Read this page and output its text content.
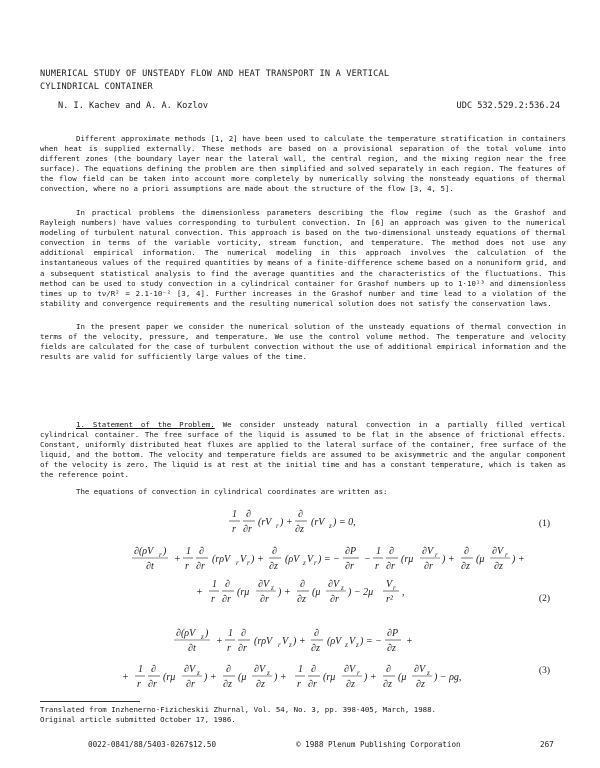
NUMERICAL STUDY OF UNSTEADY FLOW AND HEAT TRANSPORT IN A VERTICAL
CYLINDRICAL CONTAINER
N. I. Kachev and A. A. Kozlov	UDC 532.529.2:536.24

Different approximate methods [1, 2] have been used to calculate the temperature stratification in containers when heat is supplied externally. These methods are based on a provisional separation of the total volume into different zones (the boundary layer near the lateral wall, the central region, and the mixing region near the free surface). The equations defining the problem are then simplified and solved separately in each region. The features of the flow field can be taken into account more completely by numerically solving the nonsteady equations of thermal convection, where no a priori assumptions are made about the structure of the flow [3, 4, 5].

In practical problems the dimensionless parameters describing the flow regime (such as the Grashof and Rayleigh numbers) have values corresponding to turbulent convection. In [6] an approach was given to the numerical modeling of turbulent natural convection. This approach is based on the two-dimensional unsteady equations of thermal convection in terms of the variable vorticity, stream function, and temperature. The method does not use any additional empirical information. The numerical modeling in this approach involves the calculation of the instantaneous values of the required quantities by means of a finite-difference scheme based on a nonuniform grid, and a subsequent statistical analysis to find the average quantities and the characteristics of the fluctuations. This method can be used to study convection in a cylindrical container for Grashof numbers up to 1·10¹³ and dimensionless times up to tν/R² = 2.1·10⁻² [3, 4]. Further increases in the Grashof number and time lead to a violation of the stability and convergence requirements and the resulting numerical solution does not satisfy the conservation laws.

In the present paper we consider the numerical solution of the unsteady equations of thermal convection in terms of the velocity, pressure, and temperature. We use the control volume method. The temperature and velocity fields are calculated for the case of turbulent convection without the use of additional empirical information and the results are valid for sufficiently large values of the time.

1. Statement of the Problem. We consider unsteady natural convection in a partially filled vertical cylindrical container. The free surface of the liquid is assumed to be flat in the absence of frictional effects. Constant, uniformly distributed heat fluxes are applied to the lateral surface of the container, free surface of the liquid, and the bottom. The velocity and temperature fields are assumed to be axisymmetric and the angular component of the velocity is zero. The liquid is at rest at the initial time and has a constant temperature, which is taken as the reference point.

The equations of convection in cylindrical coordinates are written as:

1
r
∂
∂r
(rV r ) +
∂
∂z
(rV z ) = 0,	(1)
∂(ρV r )
∂t
+
1
r
∂
∂r
(rρV r V r ) +
∂
∂z
(ρV z V r ) = −
∂P
∂r
−
1
r
∂
∂r
(rμ
∂V r
∂r
) +
∂
∂z
(μ
∂V r
∂z
) +
+
1
r
∂
∂r
(rμ
∂V z
∂r
) +
∂
∂z
(μ
∂V z
∂r
) − 2μ
V r
r²
,
(2)
∂(ρV z )
∂t
+
1
r
∂
∂r
(rρV r V z ) +
∂
∂z
(ρV z V z ) = −
∂P
∂z
+
+
1
r
∂
∂r
(rμ
∂V z
∂r
) +
∂
∂z
(μ
∂V z
∂z
) +
1
r
∂
∂r
(rμ
∂V r
∂z
) +
∂
∂z
(μ
∂V z
∂z
) − ρg,
(3)
Translated from Inzhenerno-Fizicheskii Zhurnal, Vol. 54, No. 3, pp. 398-405, March, 1988.
Original article submitted October 17, 1986.
0022-0841/88/5403-0267$12.50	© 1988 Plenum Publishing Corporation	267
